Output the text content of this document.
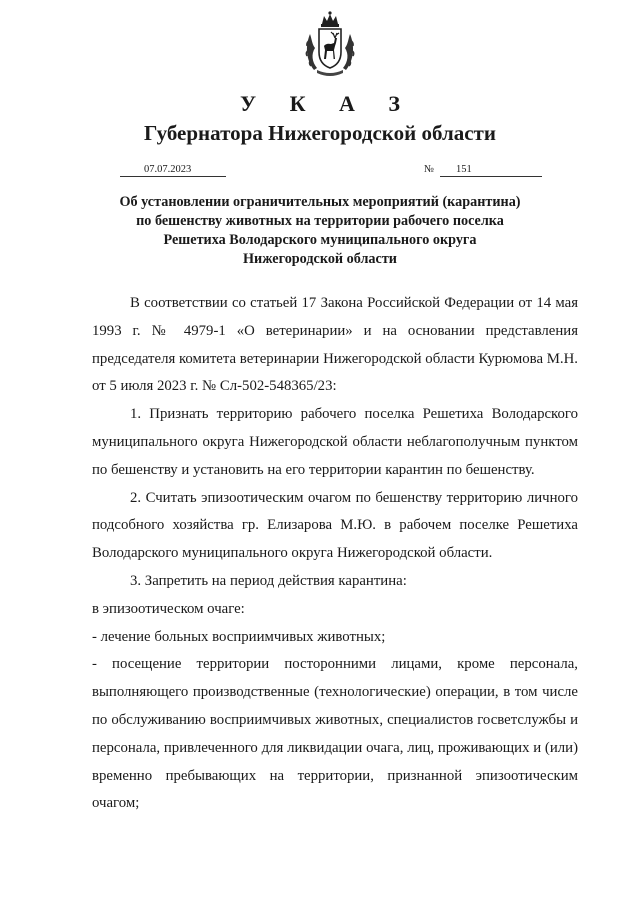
У К А З
Губернатора Нижегородской области
07.07.2023	№	151
Об установлении ограничительных мероприятий (карантина)
по бешенству животных на территории рабочего поселка
Решетиха Володарского муниципального округа
Нижегородской области

В соответствии со статьей 17 Закона Российской Федерации от 14 мая 1993 г. № 4979-1 «О ветеринарии» и на основании представления председателя комитета ветеринарии Нижегородской области Курюмова М.Н. от 5 июля 2023 г. № Сл-502-548365/23:

1. Признать территорию рабочего поселка Решетиха Володарского муниципального округа Нижегородской области неблагополучным пунктом по бешенству и установить на его территории карантин по бешенству.

2. Считать эпизоотическим очагом по бешенству территорию личного подсобного хозяйства гр. Елизарова М.Ю. в рабочем поселке Решетиха Володарского муниципального округа Нижегородской области.

3. Запретить на период действия карантина:

в эпизоотическом очаге:

- лечение больных восприимчивых животных;

- посещение территории посторонними лицами, кроме персонала, выполняющего производственные (технологические) операции, в том числе по обслуживанию восприимчивых животных, специалистов госветслужбы и персонала, привлеченного для ликвидации очага, лиц, проживающих и (или) временно пребывающих на территории, признанной эпизоотическим очагом;
